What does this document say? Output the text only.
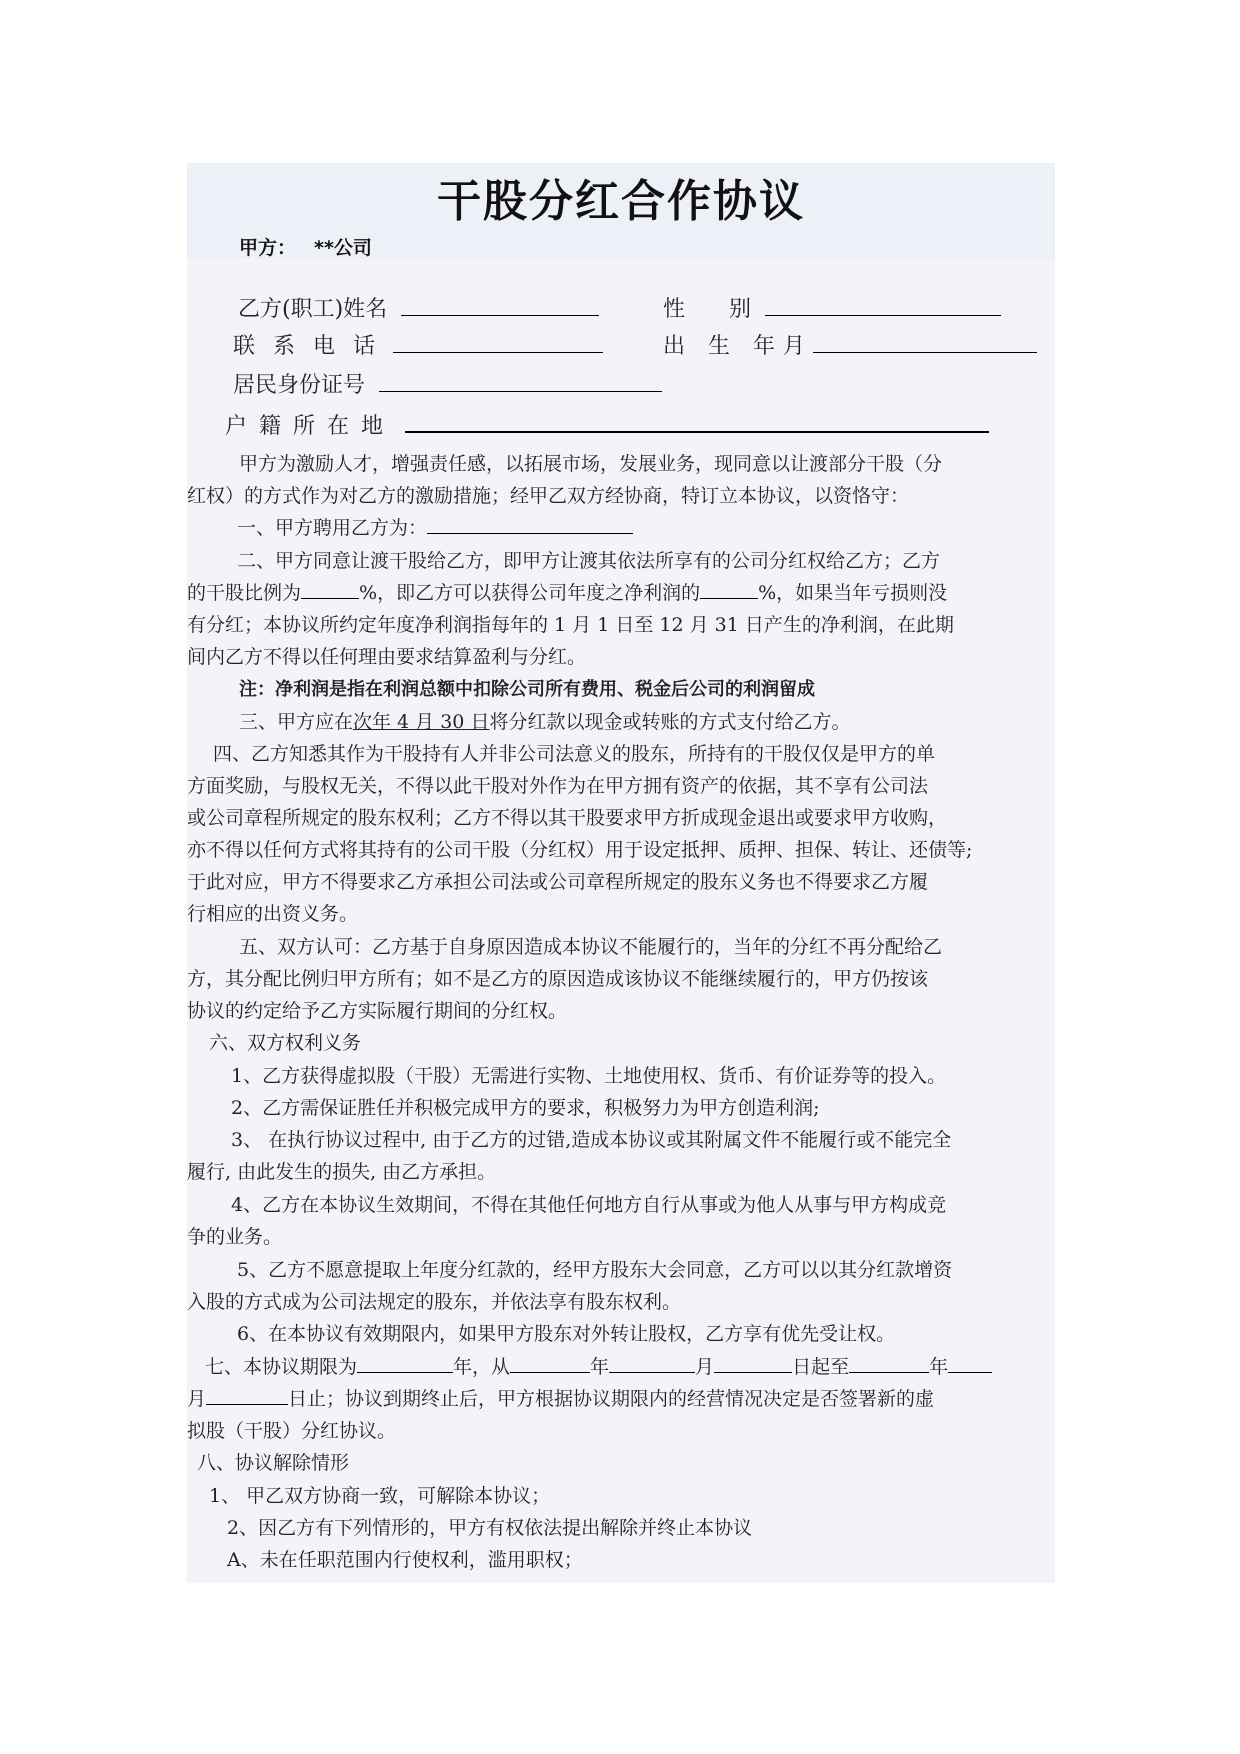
干股分红合作协议
甲方： **公司
乙方(职工)姓名	性　　别
联系电话	出 生 年月
居民身份证号
户籍所在地
甲方为激励人才，增强责任感，以拓展市场，发展业务，现同意以让渡部分干股（分
红权）的方式作为对乙方的激励措施；经甲乙双方经协商，特订立本协议，以资恪守：
一、甲方聘用乙方为：
二、甲方同意让渡干股给乙方，即甲方让渡其依法所享有的公司分红权给乙方；乙方
的干股比例为	%，即乙方可以获得公司年度之净利润的	%，如果当年亏损则没
有分红；本协议所约定年度净利润指每年的 1 月 1 日至 12 月 31 日产生的净利润，在此期
间内乙方不得以任何理由要求结算盈利与分红。
注：净利润是指在利润总额中扣除公司所有费用、税金后公司的利润留成
三、甲方应在次年 4 月 30 日将分红款以现金或转账的方式支付给乙方。
四、乙方知悉其作为干股持有人并非公司法意义的股东，所持有的干股仅仅是甲方的单
方面奖励，与股权无关，不得以此干股对外作为在甲方拥有资产的依据，其不享有公司法
或公司章程所规定的股东权利；乙方不得以其干股要求甲方折成现金退出或要求甲方收购，
亦不得以任何方式将其持有的公司干股（分红权）用于设定抵押、质押、担保、转让、还债等;
于此对应，甲方不得要求乙方承担公司法或公司章程所规定的股东义务也不得要求乙方履
行相应的出资义务。
五、双方认可：乙方基于自身原因造成本协议不能履行的，当年的分红不再分配给乙
方，其分配比例归甲方所有；如不是乙方的原因造成该协议不能继续履行的，甲方仍按该
协议的约定给予乙方实际履行期间的分红权。
六、双方权利义务
1、乙方获得虚拟股（干股）无需进行实物、土地使用权、货币、有价证券等的投入。
2、乙方需保证胜任并积极完成甲方的要求，积极努力为甲方创造利润;
3、 在执行协议过程中, 由于乙方的过错,造成本协议或其附属文件不能履行或不能完全
履行, 由此发生的损失, 由乙方承担。
4、乙方在本协议生效期间，不得在其他任何地方自行从事或为他人从事与甲方构成竞
争的业务。
5、乙方不愿意提取上年度分红款的，经甲方股东大会同意，乙方可以以其分红款增资
入股的方式成为公司法规定的股东，并依法享有股东权利。
6、在本协议有效期限内，如果甲方股东对外转让股权，乙方享有优先受让权。
七、本协议期限为	年，从	年	月	日起至	年
月	日止；协议到期终止后，甲方根据协议期限内的经营情况决定是否签署新的虚
拟股（干股）分红协议。
八、协议解除情形
1、 甲乙双方协商一致，可解除本协议；
2、因乙方有下列情形的，甲方有权依法提出解除并终止本协议
A、未在任职范围内行使权利，滥用职权；
